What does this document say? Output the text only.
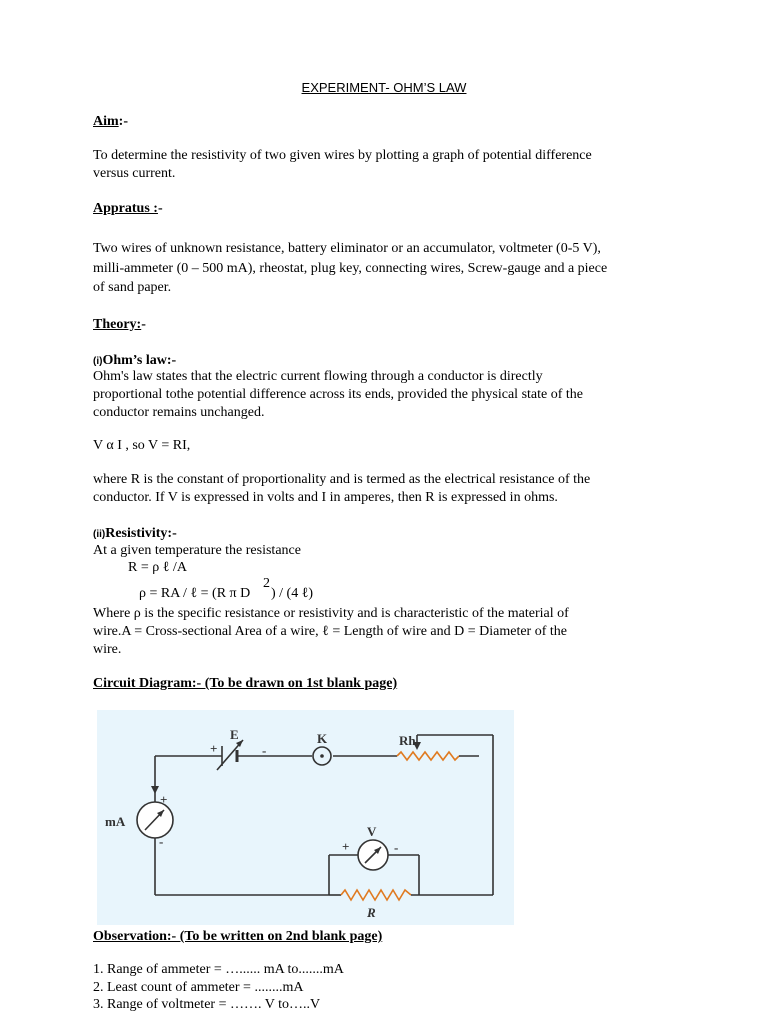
EXPERIMENT- OHM’S LAW
Aim:-
To determine the resistivity of two given wires by plotting a graph of potential difference
versus current.
Appratus :-
Two wires of unknown resistance, battery eliminator or an accumulator, voltmeter (0-5 V),
milli-ammeter (0 – 500 mA), rheostat, plug key, connecting wires, Screw-gauge and a piece
of sand paper.
Theory:-
(i)Ohm’s law:-
Ohm's law states that the electric current flowing through a conductor is directly
proportional tothe potential difference across its ends, provided the physical state of the
conductor remains unchanged.
V α I , so V = RI,
where R is the constant of proportionality and is termed as the electrical resistance of the
conductor. If V is expressed in volts and I in amperes, then R is expressed in ohms.
(ii)Resistivity:-
At a given temperature the resistance
R = ρ ℓ /A
ρ = RA / ℓ = (R π D
2
) / (4 ℓ)
Where ρ is the specific resistance or resistivity and is characteristic of the material of
wire.A = Cross-sectional Area of a wire, ℓ = Length of wire and D = Diameter of the
wire.
Circuit Diagram:- (To be drawn on 1st blank page)
E
+	-
K	Rh
mA
+
-
V
+	-
R
Observation:- (To be written on 2nd blank page)
1. Range of ammeter = …...... mA to.......mA
2. Least count of ammeter = ........mA
3. Range of voltmeter = ……. V to…..V
